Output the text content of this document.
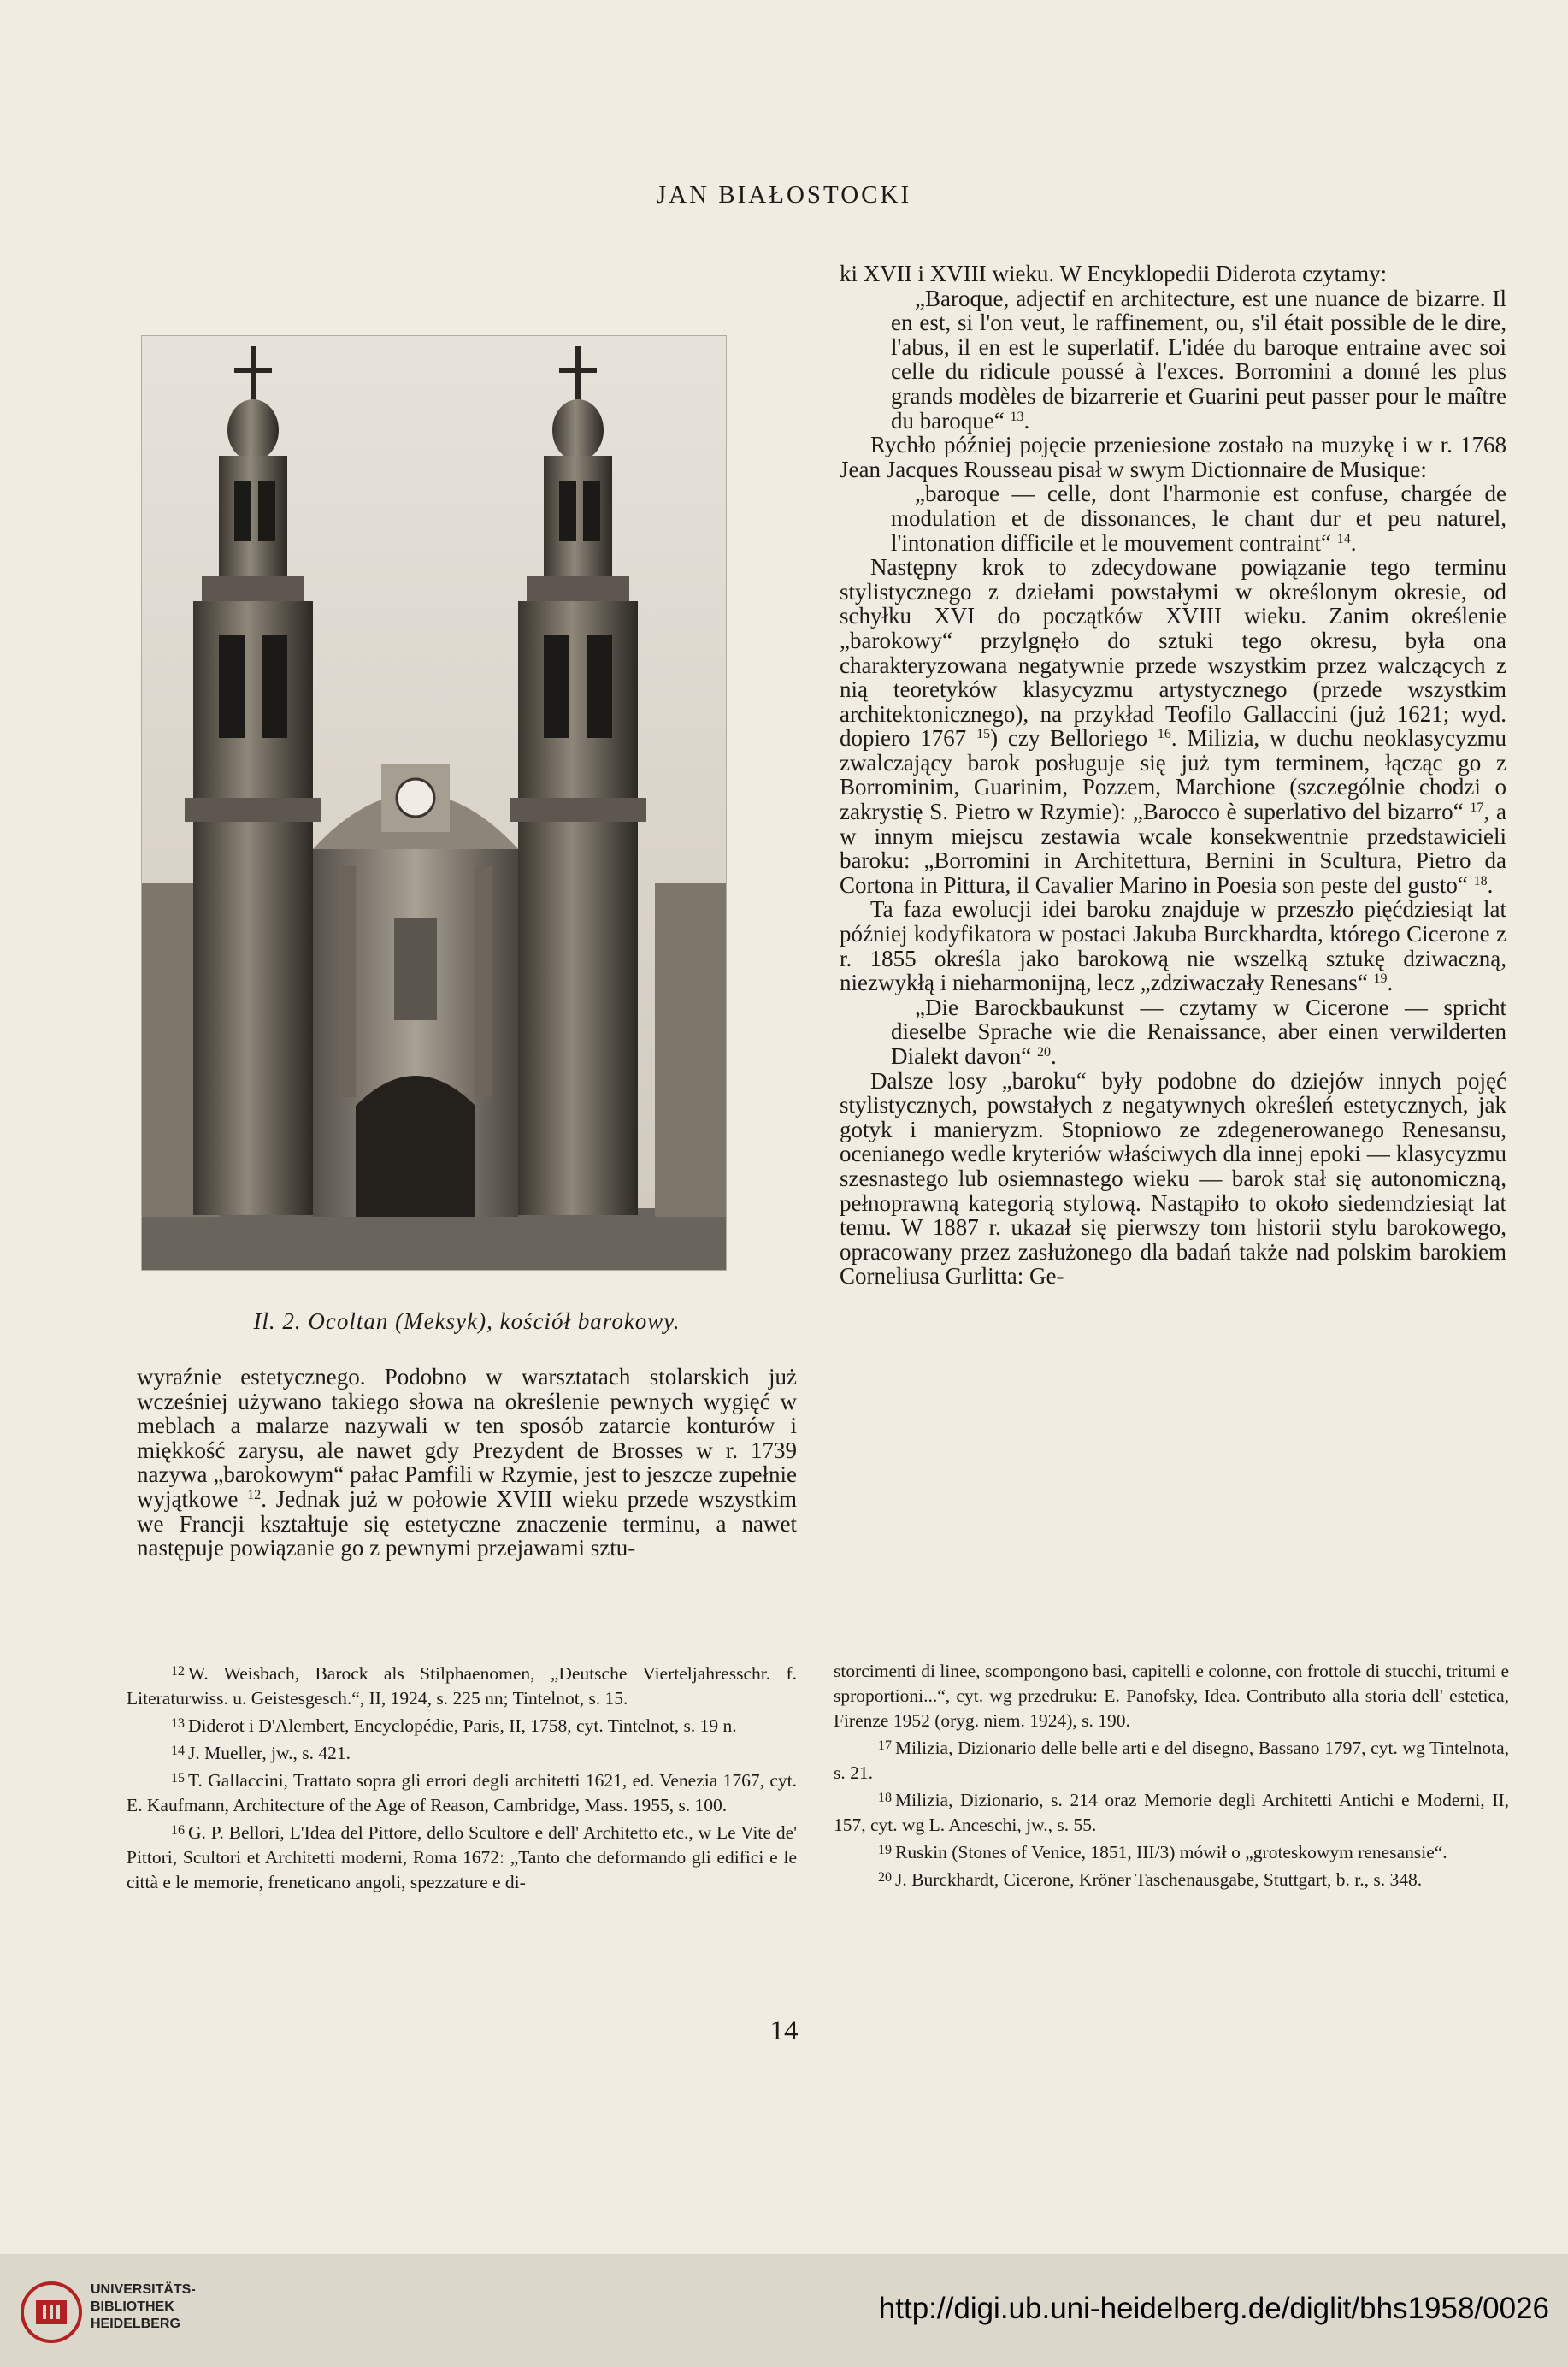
JAN BIAŁOSTOCKI
Il. 2. Ocoltan (Meksyk), kościół barokowy.

ki XVII i XVIII wieku. W Encyklopedii Diderota czytamy:

„Baroque, adjectif en architecture, est une nuance de bizarre. Il en est, si l'on veut, le raffinement, ou, s'il était possible de le dire, l'abus, il en est le superlatif. L'idée du baroque entraine avec soi celle du ridicule poussé à l'exces. Borromini a donné les plus grands modèles de bizarrerie et Guarini peut passer pour le maître du baroque“ $^{13}$.

Rychło później pojęcie przeniesione zostało na muzykę i w r. 1768 Jean Jacques Rousseau pisał w swym Dictionnaire de Musique:

„baroque — celle, dont l'harmonie est confuse, chargée de modulation et de dissonances, le chant dur et peu naturel, l'intonation difficile et le mouvement contraint“ $^{14}$.

Następny krok to zdecydowane powiązanie tego terminu stylistycznego z dziełami powstałymi w określonym okresie, od schyłku XVI do początków XVIII wieku. Zanim określenie „barokowy“ przylgnęło do sztuki tego okresu, była ona charakteryzowana negatywnie przede wszystkim przez walczących z nią teoretyków klasycyzmu artystycznego (przede wszystkim architektonicznego), na przykład Teofilo Gallaccini (już 1621; wyd. dopiero 1767 $^{15}$) czy Belloriego $^{16}$. Milizia, w duchu neoklasycyzmu zwalczający barok posługuje się już tym terminem, łącząc go z Borrominim, Guarinim, Pozzem, Marchione (szczególnie chodzi o zakrystię S. Pietro w Rzymie): „Barocco è superlativo del bizarro“ $^{17}$, a w innym miejscu zestawia wcale konsekwentnie przedstawicieli baroku: „Borromini in Architettura, Bernini in Scultura, Pietro da Cortona in Pittura, il Cavalier Marino in Poesia son peste del gusto“ $^{18}$.

Ta faza ewolucji idei baroku znajduje w przeszło pięćdziesiąt lat później kodyfikatora w postaci Jakuba Burckhardta, którego Cicerone z r. 1855 określa jako barokową nie wszelką sztukę dziwaczną, niezwykłą i nieharmonijną, lecz „zdziwaczały Renesans“ $^{19}$.

„Die Barockbaukunst — czytamy w Cicerone — spricht dieselbe Sprache wie die Renaissance, aber einen verwilderten Dialekt davon“ $^{20}$.

Dalsze losy „baroku“ były podobne do dziejów innych pojęć stylistycznych, powstałych z negatywnych określeń estetycznych, jak gotyk i manieryzm. Stopniowo ze zdegenerowanego Renesansu, ocenianego wedle kryteriów właściwych dla innej epoki — klasycyzmu szesnastego lub osiemnastego wieku — barok stał się autonomiczną, pełnoprawną kategorią stylową. Nastąpiło to około siedemdziesiąt lat temu. W 1887 r. ukazał się pierwszy tom historii stylu barokowego, opracowany przez zasłużonego dla badań także nad polskim barokiem Corneliusa Gurlitta: Ge-

wyraźnie estetycznego. Podobno w warsztatach stolarskich już wcześniej używano takiego słowa na określenie pewnych wygięć w meblach a malarze nazywali w ten sposób zatarcie konturów i miękkość zarysu, ale nawet gdy Prezydent de Brosses w r. 1739 nazywa „barokowym“ pałac Pamfili w Rzymie, jest to jeszcze zupełnie wyjątkowe $^{12}$. Jednak już w połowie XVIII wieku przede wszystkim we Francji kształtuje się estetyczne znaczenie terminu, a nawet następuje powiązanie go z pewnymi przejawami sztu-

$^{12}$ W. Weisbach, Barock als Stilphaenomen, „Deutsche Vierteljahresschr. f. Literaturwiss. u. Geistesgesch.“, II, 1924, s. 225 nn; Tintelnot, s. 15.

$^{13}$ Diderot i D'Alembert, Encyclopédie, Paris, II, 1758, cyt. Tintelnot, s. 19 n.

$^{14}$ J. Mueller, jw., s. 421.

$^{15}$ T. Gallaccini, Trattato sopra gli errori degli architetti 1621, ed. Venezia 1767, cyt. E. Kaufmann, Architecture of the Age of Reason, Cambridge, Mass. 1955, s. 100.

$^{16}$ G. P. Bellori, L'Idea del Pittore, dello Scultore e dell' Architetto etc., w Le Vite de' Pittori, Scultori et Architetti moderni, Roma 1672: „Tanto che deformando gli edifici e le città e le memorie, freneticano angoli, spezzature e di-

storcimenti di linee, scompongono basi, capitelli e colonne, con frottole di stucchi, tritumi e sproportioni...“, cyt. wg przedruku: E. Panofsky, Idea. Contributo alla storia dell' estetica, Firenze 1952 (oryg. niem. 1924), s. 190.

$^{17}$ Milizia, Dizionario delle belle arti e del disegno, Bassano 1797, cyt. wg Tintelnota, s. 21.

$^{18}$ Milizia, Dizionario, s. 214 oraz Memorie degli Architetti Antichi e Moderni, II, 157, cyt. wg L. Anceschi, jw., s. 55.

$^{19}$ Ruskin (Stones of Venice, 1851, III/3) mówił o „groteskowym renesansie“.

$^{20}$ J. Burckhardt, Cicerone, Kröner Taschenausgabe, Stuttgart, b. r., s. 348.

14
UNIVERSITÄTS-
BIBLIOTHEK
HEIDELBERG	http://digi.ub.uni-heidelberg.de/diglit/bhs1958/0026
